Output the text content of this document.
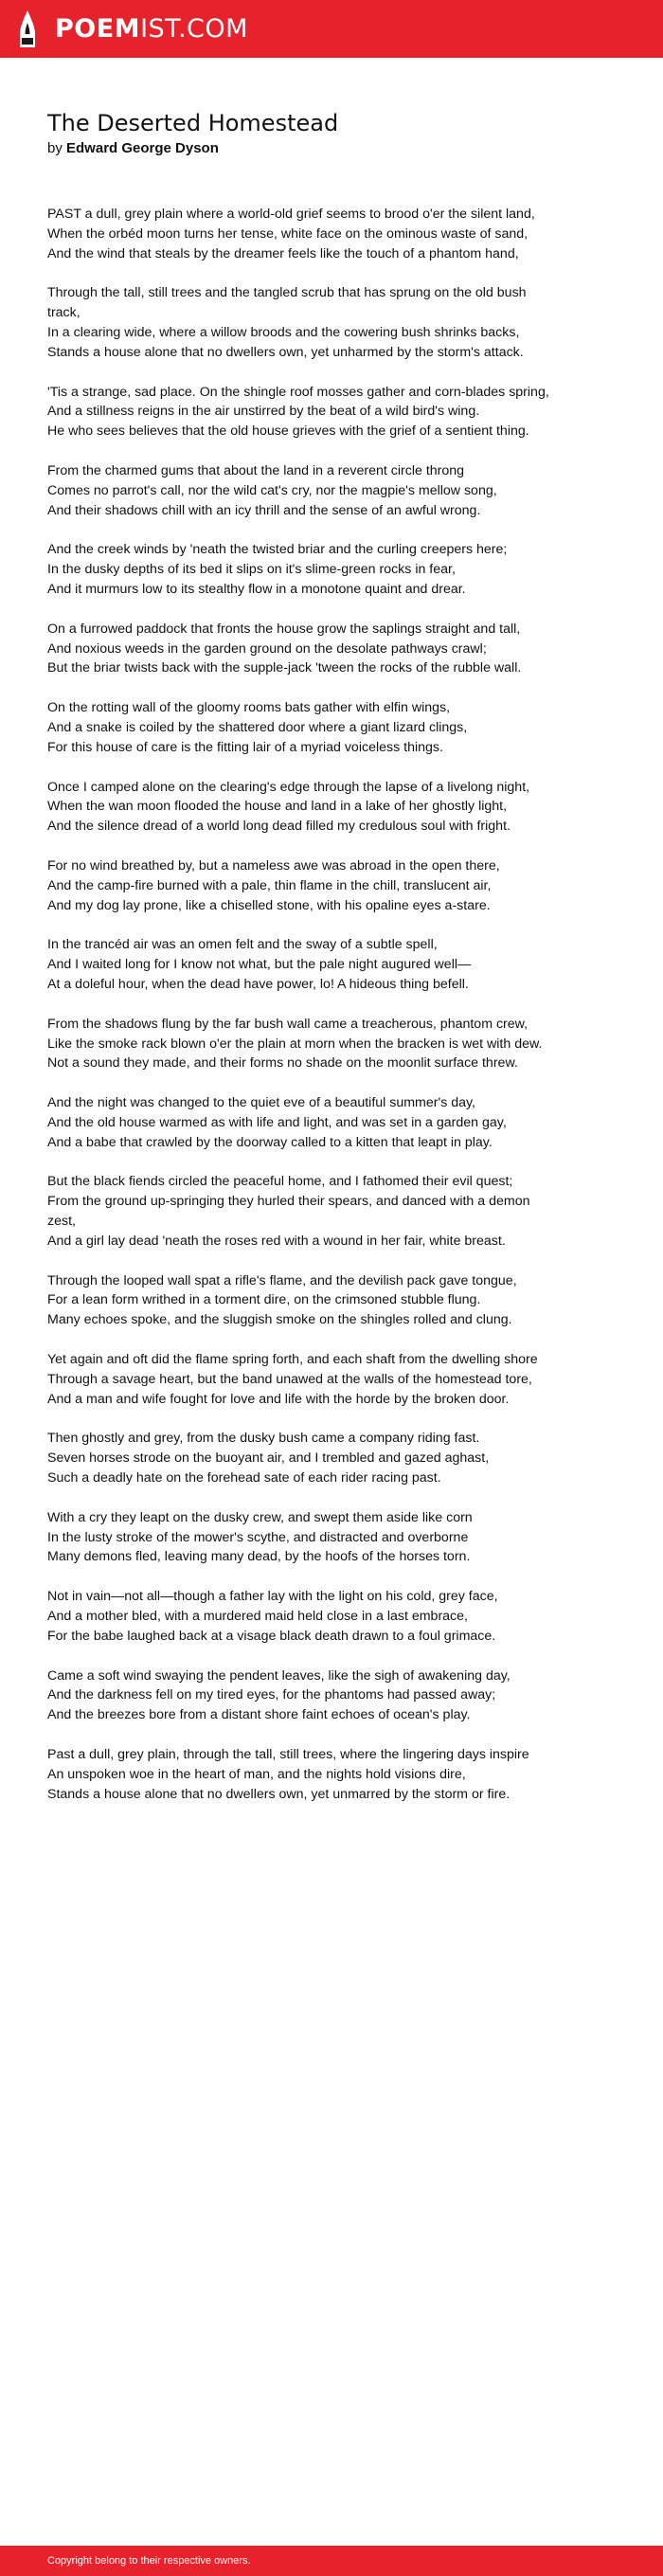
POEMIST.COM
The Deserted Homestead
by Edward George Dyson
PAST a dull, grey plain where a world-old grief seems to brood o'er the silent land,
When the orbéd moon turns her tense, white face on the ominous waste of sand,
And the wind that steals by the dreamer feels like the touch of a phantom hand,
Through the tall, still trees and the tangled scrub that has sprung on the old bush track,
In a clearing wide, where a willow broods and the cowering bush shrinks backs,
Stands a house alone that no dwellers own, yet unharmed by the storm's attack.
'Tis a strange, sad place. On the shingle roof mosses gather and corn-blades spring,
And a stillness reigns in the air unstirred by the beat of a wild bird's wing.
He who sees believes that the old house grieves with the grief of a sentient thing.
From the charmed gums that about the land in a reverent circle throng
Comes no parrot's call, nor the wild cat's cry, nor the magpie's mellow song,
And their shadows chill with an icy thrill and the sense of an awful wrong.
And the creek winds by 'neath the twisted briar and the curling creepers here;
In the dusky depths of its bed it slips on it's slime-green rocks in fear,
And it murmurs low to its stealthy flow in a monotone quaint and drear.
On a furrowed paddock that fronts the house grow the saplings straight and tall,
And noxious weeds in the garden ground on the desolate pathways crawl;
But the briar twists back with the supple-jack 'tween the rocks of the rubble wall.
On the rotting wall of the gloomy rooms bats gather with elfin wings,
And a snake is coiled by the shattered door where a giant lizard clings,
For this house of care is the fitting lair of a myriad voiceless things.
Once I camped alone on the clearing's edge through the lapse of a livelong night,
When the wan moon flooded the house and land in a lake of her ghostly light,
And the silence dread of a world long dead filled my credulous soul with fright.
For no wind breathed by, but a nameless awe was abroad in the open there,
And the camp-fire burned with a pale, thin flame in the chill, translucent air,
And my dog lay prone, like a chiselled stone, with his opaline eyes a-stare.
In the trancéd air was an omen felt and the sway of a subtle spell,
And I waited long for I know not what, but the pale night augured well—
At a doleful hour, when the dead have power, lo! A hideous thing befell.
From the shadows flung by the far bush wall came a treacherous, phantom crew,
Like the smoke rack blown o'er the plain at morn when the bracken is wet with dew.
Not a sound they made, and their forms no shade on the moonlit surface threw.
And the night was changed to the quiet eve of a beautiful summer's day,
And the old house warmed as with life and light, and was set in a garden gay,
And a babe that crawled by the doorway called to a kitten that leapt in play.
But the black fiends circled the peaceful home, and I fathomed their evil quest;
From the ground up-springing they hurled their spears, and danced with a demon zest,
And a girl lay dead 'neath the roses red with a wound in her fair, white breast.
Through the looped wall spat a rifle's flame, and the devilish pack gave tongue,
For a lean form writhed in a torment dire, on the crimsoned stubble flung.
Many echoes spoke, and the sluggish smoke on the shingles rolled and clung.
Yet again and oft did the flame spring forth, and each shaft from the dwelling shore
Through a savage heart, but the band unawed at the walls of the homestead tore,
And a man and wife fought for love and life with the horde by the broken door.
Then ghostly and grey, from the dusky bush came a company riding fast.
Seven horses strode on the buoyant air, and I trembled and gazed aghast,
Such a deadly hate on the forehead sate of each rider racing past.
With a cry they leapt on the dusky crew, and swept them aside like corn
In the lusty stroke of the mower's scythe, and distracted and overborne
Many demons fled, leaving many dead, by the hoofs of the horses torn.
Not in vain—not all—though a father lay with the light on his cold, grey face,
And a mother bled, with a murdered maid held close in a last embrace,
For the babe laughed back at a visage black death drawn to a foul grimace.
Came a soft wind swaying the pendent leaves, like the sigh of awakening day,
And the darkness fell on my tired eyes, for the phantoms had passed away;
And the breezes bore from a distant shore faint echoes of ocean's play.
Past a dull, grey plain, through the tall, still trees, where the lingering days inspire
An unspoken woe in the heart of man, and the nights hold visions dire,
Stands a house alone that no dwellers own, yet unmarred by the storm or fire.
Copyright belong to their respective owners.
